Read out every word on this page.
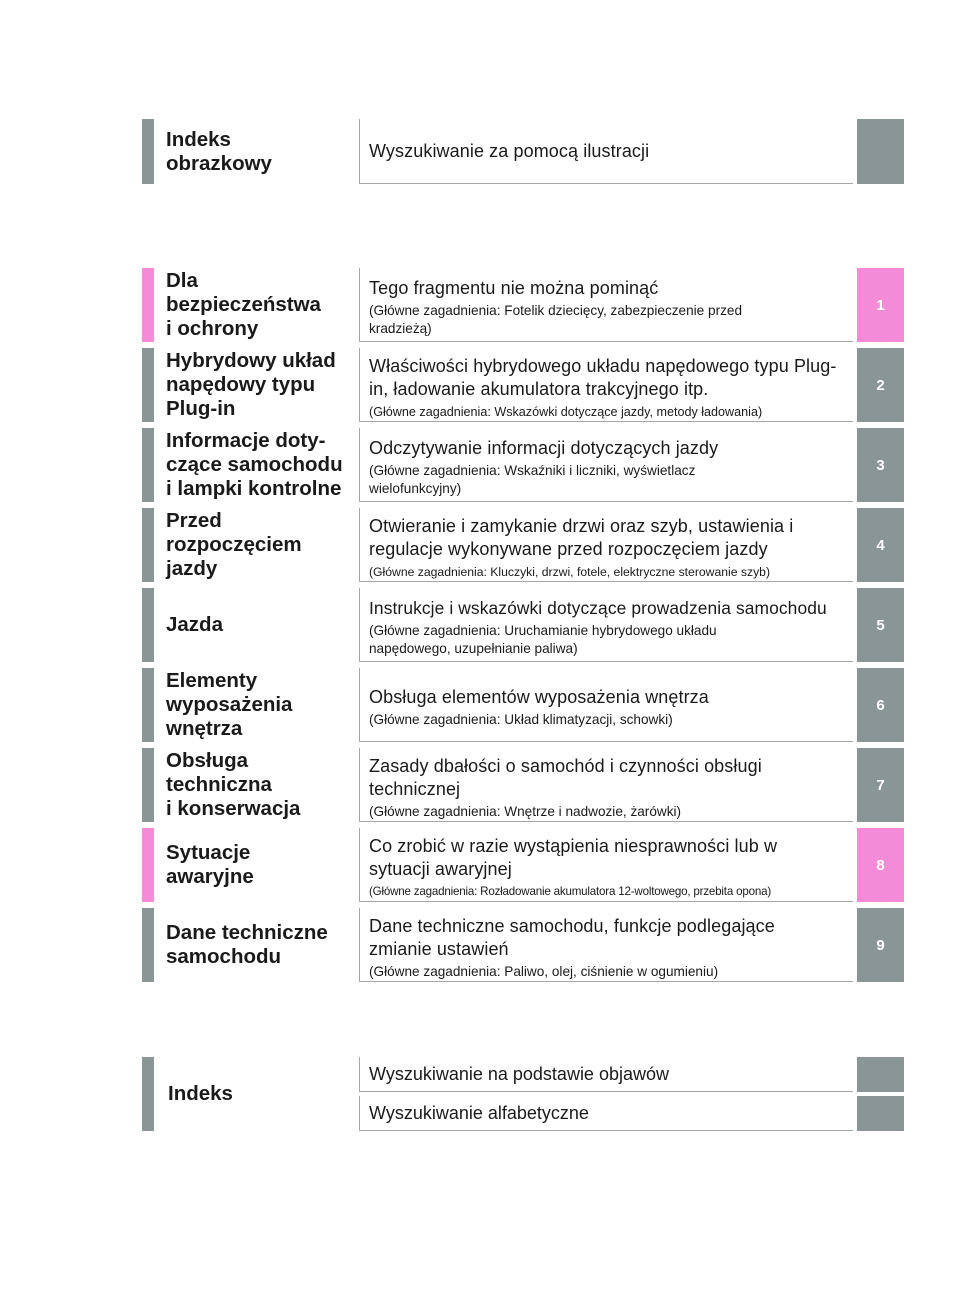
Indeks
obrazkowy
Wyszukiwanie za pomocą ilustracji
Dla
bezpieczeństwa
i ochrony
Tego fragmentu nie można pominąć
(Główne zagadnienia: Fotelik dziecięcy, zabezpieczenie przed kradzieżą)
1
Hybrydowy układ
napędowy typu
Plug-in
Właściwości hybrydowego układu napędowego typu Plug-in, ładowanie akumulatora trakcyjnego itp.
(Główne zagadnienia: Wskazówki dotyczące jazdy, metody ładowania)
2
Informacje doty-
czące samochodu
i lampki kontrolne
Odczytywanie informacji dotyczących jazdy
(Główne zagadnienia: Wskaźniki i liczniki, wyświetlacz wielofunkcyjny)
3
Przed
rozpoczęciem
jazdy
Otwieranie i zamykanie drzwi oraz szyb, ustawienia i regulacje wykonywane przed rozpoczęciem jazdy
(Główne zagadnienia: Kluczyki, drzwi, fotele, elektryczne sterowanie szyb)
4
Jazda
Instrukcje i wskazówki dotyczące prowadzenia samochodu
(Główne zagadnienia: Uruchamianie hybrydowego układu napędowego, uzupełnianie paliwa)
5
Elementy
wyposażenia
wnętrza
Obsługa elementów wyposażenia wnętrza
(Główne zagadnienia: Układ klimatyzacji, schowki)
6
Obsługa
techniczna
i konserwacja
Zasady dbałości o samochód i czynności obsługi technicznej
(Główne zagadnienia: Wnętrze i nadwozie, żarówki)
7
Sytuacje
awaryjne
Co zrobić w razie wystąpienia niesprawności lub w sytuacji awaryjnej
(Główne zagadnienia: Rozładowanie akumulatora 12-woltowego, przebita opona)
8
Dane techniczne
samochodu
Dane techniczne samochodu, funkcje podlegające zmianie ustawień
(Główne zagadnienia: Paliwo, olej, ciśnienie w ogumieniu)
9
Indeks
Wyszukiwanie na podstawie objawów
Wyszukiwanie alfabetyczne
